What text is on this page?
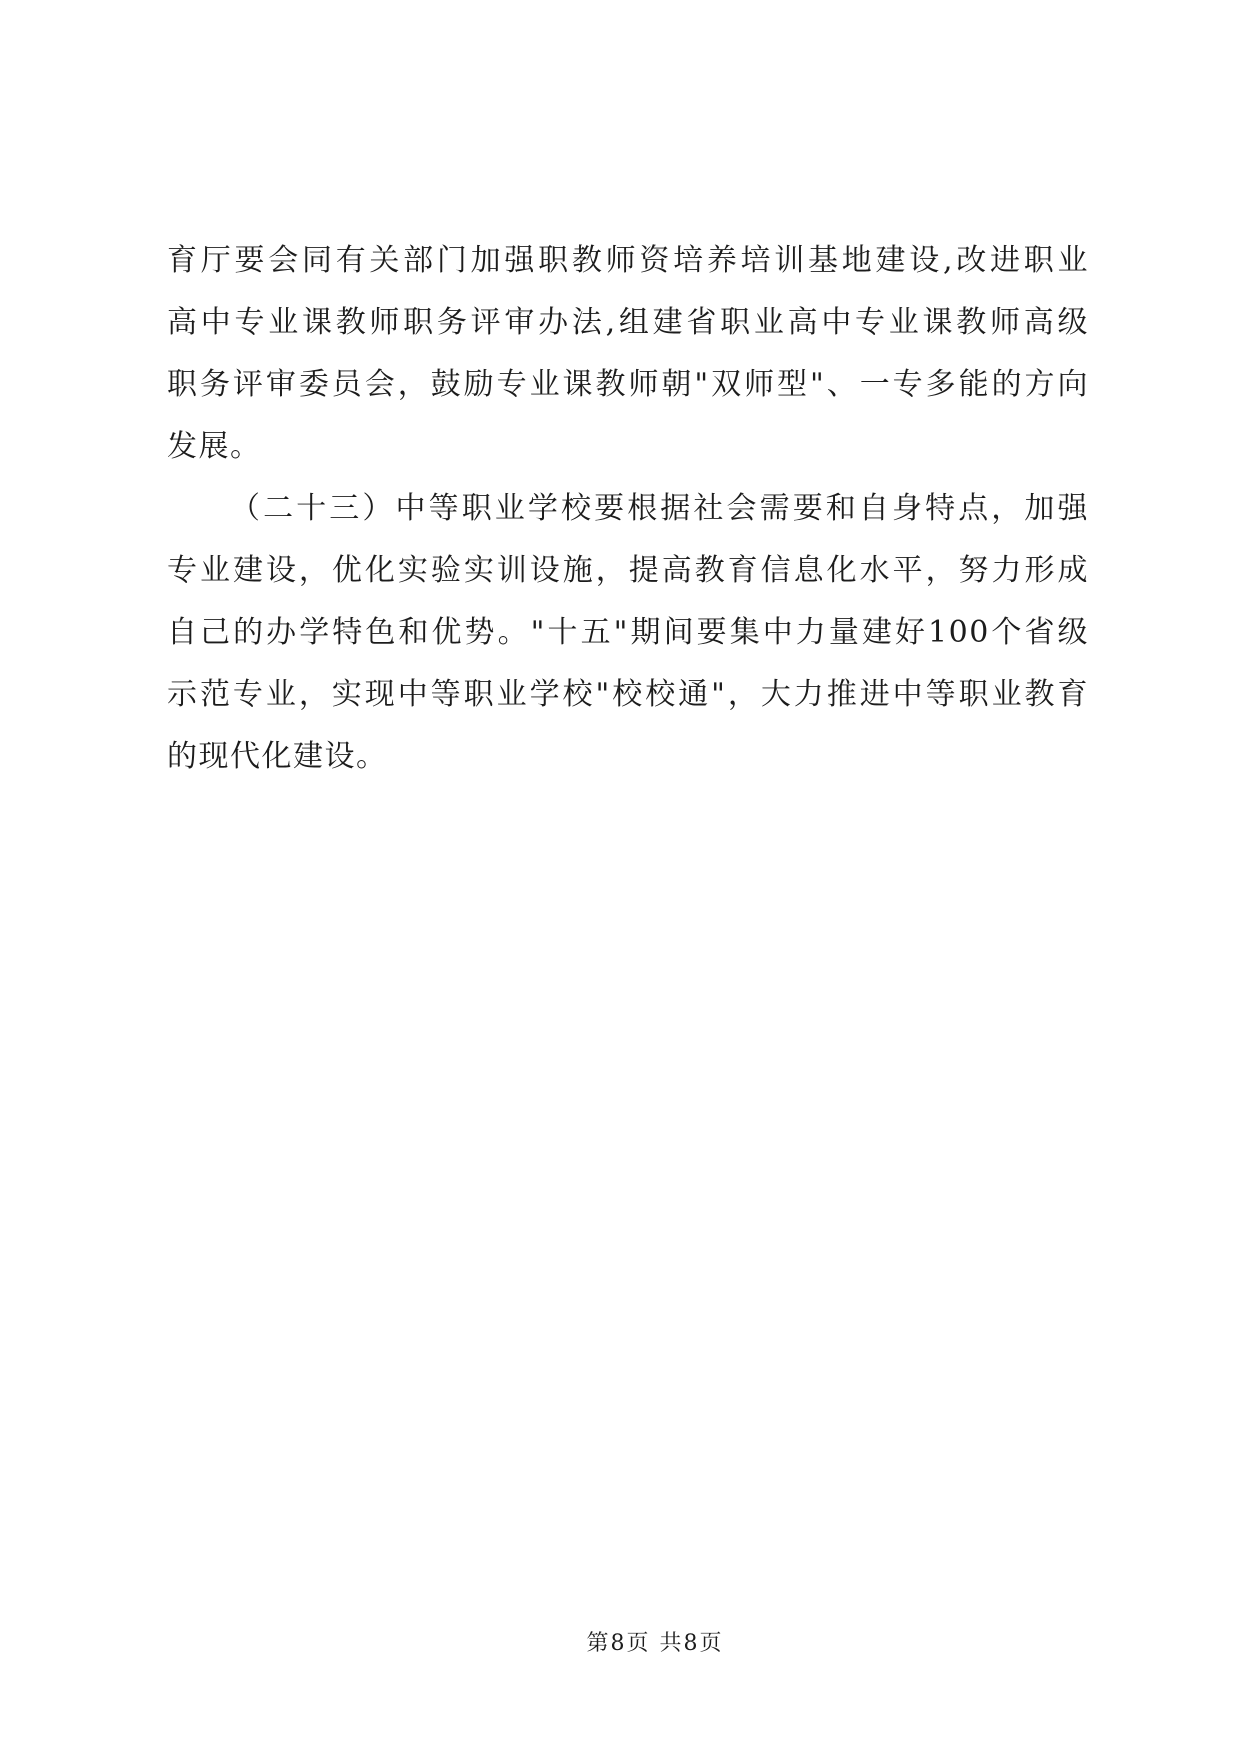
育厅要会同有关部门加强职教师资培养培训基地建设,改进职业
高中专业课教师职务评审办法,组建省职业高中专业课教师高级
职务评审委员会，鼓励专业课教师朝"双师型"、一专多能的方向
发展。
（二十三）中等职业学校要根据社会需要和自身特点，加强
专业建设，优化实验实训设施，提高教育信息化水平，努力形成
自己的办学特色和优势。"十五"期间要集中力量建好100个省级
示范专业，实现中等职业学校"校校通"，大力推进中等职业教育
的现代化建设。
第8页 共8页
